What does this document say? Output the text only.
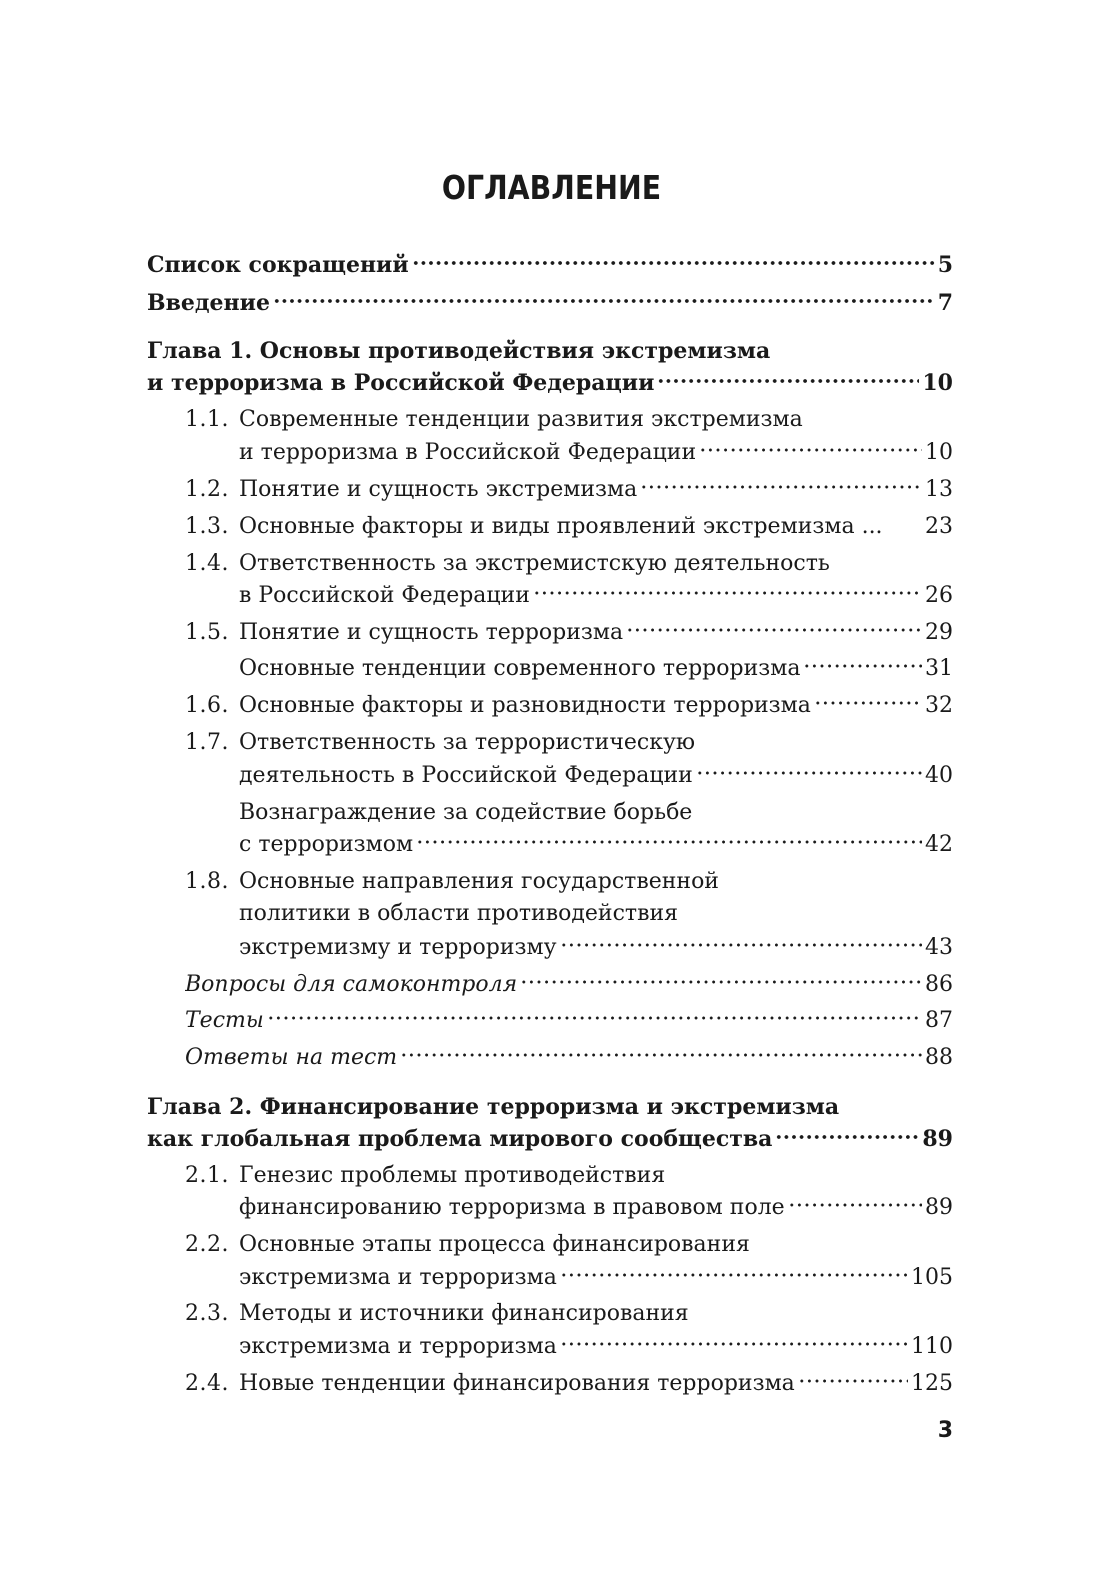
ОГЛАВЛЕНИЕ
Список сокращений	5
Введение	7
Глава 1. Основы противодействия экстремизма
и терроризма в Российской Федерации	10
1.1. Современные тенденции развития экстремизма
и терроризма в Российской Федерации	10
1.2. Понятие и сущность экстремизма	13
1.3. Основные факторы и виды проявлений экстремизма ... 23
1.4. Ответственность за экстремистскую деятельность
в Российской Федерации	26
1.5. Понятие и сущность терроризма	29
Основные тенденции современного терроризма	31
1.6. Основные факторы и разновидности терроризма	32
1.7. Ответственность за террористическую
деятельность в Российской Федерации	40
Вознаграждение за содействие борьбе
с терроризмом	42
1.8. Основные направления государственной
политики в области противодействия
экстремизму и терроризму	43
Вопросы для самоконтроля	86
Тесты	87
Ответы на тест	88
Глава 2. Финансирование терроризма и экстремизма
как глобальная проблема мирового сообщества	89
2.1. Генезис проблемы противодействия
финансированию терроризма в правовом поле	89
2.2. Основные этапы процесса финансирования
экстремизма и терроризма	105
2.3. Методы и источники финансирования
экстремизма и терроризма	110
2.4. Новые тенденции финансирования терроризма	125
3
